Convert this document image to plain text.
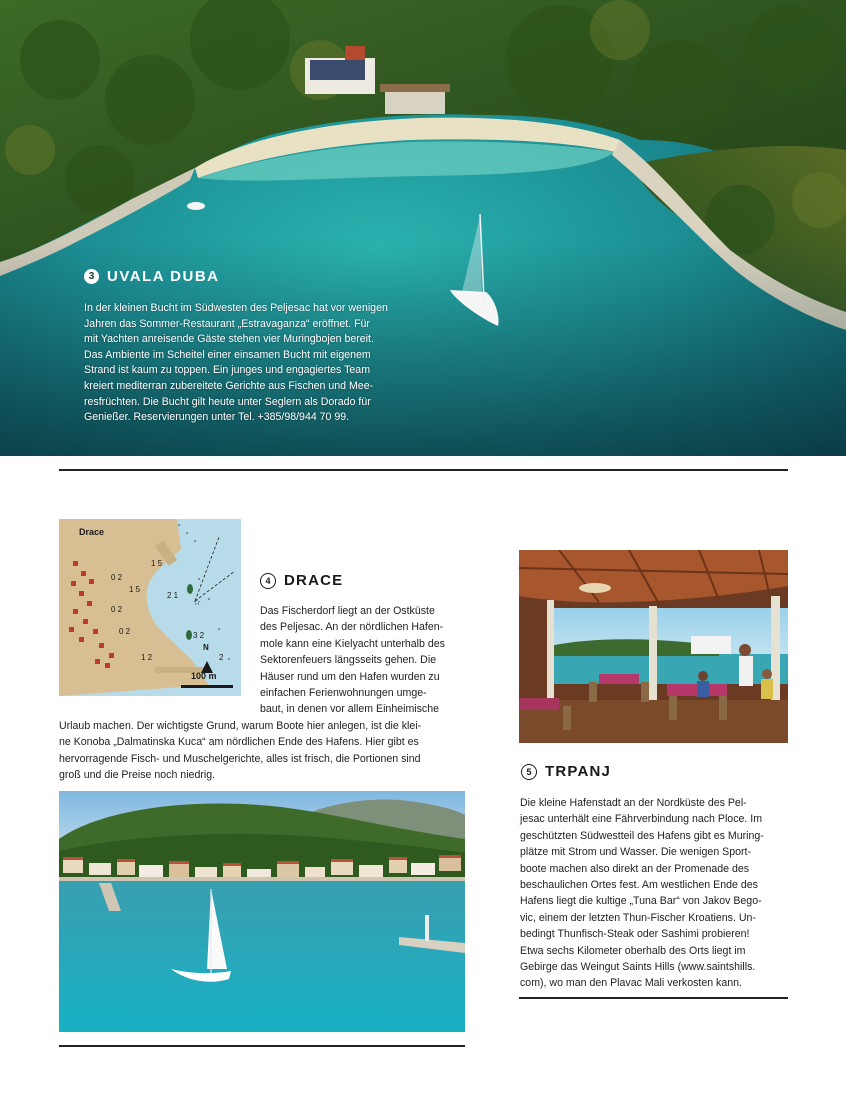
3 UVALA DUBA

In der kleinen Bucht im Südwesten des Peljesac hat vor wenigen
Jahren das Sommer-Restaurant „Estravaganza“ eröffnet. Für
mit Yachten anreisende Gäste stehen vier Muringbojen bereit.
Das Ambiente im Scheitel einer einsamen Bucht mit eigenem
Strand ist kaum zu toppen. Ein junges und engagiertes Team
kreiert mediterran zubereitete Gerichte aus Fischen und Mee-
resfrüchten. Die Bucht gilt heute unter Seglern als Dorado für
Genießer. Reservierungen unter Tel. +385/98/944 70 99.

☆
Drace
1 5
0 2
1 5
0 2
2 1
0 2	3 2
1 2	2
N
100 m
4 DRACE

Das Fischerdorf liegt an der Ostküste
des Peljesac. An der nördlichen Hafen-
mole kann eine Kielyacht unterhalb des
Sektorenfeuers längsseits gehen. Die
Häuser rund um den Hafen wurden zu
einfachen Ferienwohnungen umge-
baut, in denen vor allem Einheimische

Urlaub machen. Der wichtigste Grund, warum Boote hier anlegen, ist die klei-
ne Konoba „Dalmatinska Kuca“ am nördlichen Ende des Hafens. Hier gibt es
hervorragende Fisch- und Muschelgerichte, alles ist frisch, die Portionen sind
groß und die Preise noch niedrig.	5 TRPANJ

Die kleine Hafenstadt an der Nordküste des Pel-
jesac unterhält eine Fährverbindung nach Ploce. Im
geschützten Südwestteil des Hafens gibt es Muring-
plätze mit Strom und Wasser. Die wenigen Sport-
boote machen also direkt an der Promenade des
beschaulichen Ortes fest. Am westlichen Ende des
Hafens liegt die kultige „Tuna Bar“ von Jakov Bego-
vic, einem der letzten Thun-Fischer Kroatiens. Un-
bedingt Thunfisch-Steak oder Sashimi probieren!
Etwa sechs Kilometer oberhalb des Orts liegt im
Gebirge das Weingut Saints Hills (www.saintshills.
com), wo man den Plavac Mali verkosten kann.
